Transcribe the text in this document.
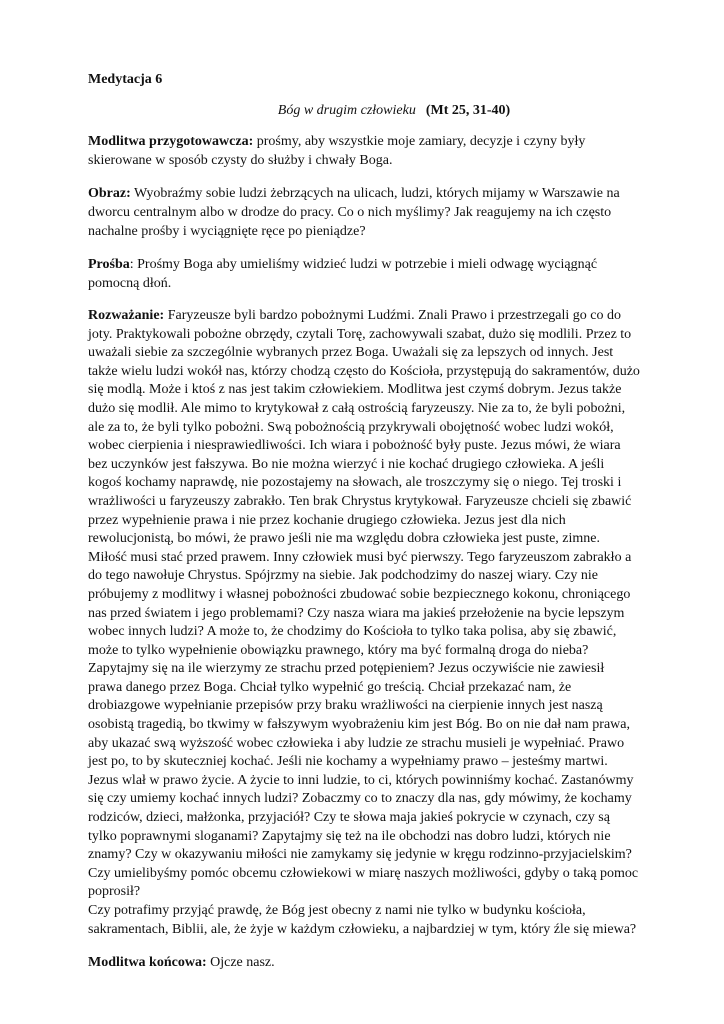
Medytacja 6

Bóg w drugim człowieku (Mt 25, 31-40)

Modlitwa przygotowawcza: prośmy, aby wszystkie moje zamiary, decyzje i czyny były skierowane w sposób czysty do służby i chwały Boga.

Obraz: Wyobraźmy sobie ludzi żebrzących na ulicach, ludzi, których mijamy w Warszawie na dworcu centralnym albo w drodze do pracy. Co o nich myślimy? Jak reagujemy na ich często nachalne prośby i wyciągnięte ręce po pieniądze?

Prośba: Prośmy Boga aby umieliśmy widzieć ludzi w potrzebie i mieli odwagę wyciągnąć pomocną dłoń.

Rozważanie: Faryzeusze byli bardzo pobożnymi Ludźmi. Znali Prawo i przestrzegali go co do joty. Praktykowali pobożne obrzędy, czytali Torę, zachowywali szabat, dużo się modlili. Przez to uważali siebie za szczególnie wybranych przez Boga. Uważali się za lepszych od innych. Jest także wielu ludzi wokół nas, którzy chodzą często do Kościoła, przystępują do sakramentów, dużo się modlą. Może i ktoś z nas jest takim człowiekiem. Modlitwa jest czymś dobrym. Jezus także dużo się modlił. Ale mimo to krytykował z całą ostrością faryzeuszy. Nie za to, że byli pobożni, ale za to, że byli tylko pobożni. Swą pobożnością przykrywali obojętność wobec ludzi wokół, wobec cierpienia i niesprawiedliwości. Ich wiara i pobożność były puste. Jezus mówi, że wiara bez uczynków jest fałszywa. Bo nie można wierzyć i nie kochać drugiego człowieka. A jeśli kogoś kochamy naprawdę, nie pozostajemy na słowach, ale troszczymy się o niego. Tej troski i wrażliwości u faryzeuszy zabrakło. Ten brak Chrystus krytykował. Faryzeusze chcieli się zbawić przez wypełnienie prawa i nie przez kochanie drugiego człowieka. Jezus jest dla nich rewolucjonistą, bo mówi, że prawo jeśli nie ma względu dobra człowieka jest puste, zimne. Miłość musi stać przed prawem. Inny człowiek musi być pierwszy. Tego faryzeuszom zabrakło a do tego nawołuje Chrystus. Spójrzmy na siebie. Jak podchodzimy do naszej wiary. Czy nie próbujemy z modlitwy i własnej pobożności zbudować sobie bezpiecznego kokonu, chroniącego nas przed światem i jego problemami? Czy nasza wiara ma jakieś przełożenie na bycie lepszym wobec innych ludzi? A może to, że chodzimy do Kościoła to tylko taka polisa, aby się zbawić, może to tylko wypełnienie obowiązku prawnego, który ma być formalną droga do nieba? Zapytajmy się na ile wierzymy ze strachu przed potępieniem? Jezus oczywiście nie zawiesił prawa danego przez Boga. Chciał tylko wypełnić go treścią. Chciał przekazać nam, że drobiazgowe wypełnianie przepisów przy braku wrażliwości na cierpienie innych jest naszą osobistą tragedią, bo tkwimy w fałszywym wyobrażeniu kim jest Bóg. Bo on nie dał nam prawa, aby ukazać swą wyższość wobec człowieka i aby ludzie ze strachu musieli je wypełniać. Prawo jest po, to by skuteczniej kochać. Jeśli nie kochamy a wypełniamy prawo – jesteśmy martwi. Jezus wlał w prawo życie. A życie to inni ludzie, to ci, których powinniśmy kochać. Zastanówmy się czy umiemy kochać innych ludzi? Zobaczmy co to znaczy dla nas, gdy mówimy, że kochamy rodziców, dzieci, małżonka, przyjaciół? Czy te słowa maja jakieś pokrycie w czynach, czy są tylko poprawnymi sloganami? Zapytajmy się też na ile obchodzi nas dobro ludzi, których nie znamy? Czy w okazywaniu miłości nie zamykamy się jedynie w kręgu rodzinno-przyjacielskim? Czy umielibyśmy pomóc obcemu człowiekowi w miarę naszych możliwości, gdyby o taką pomoc poprosił?

Czy potrafimy przyjąć prawdę, że Bóg jest obecny z nami nie tylko w budynku kościoła, sakramentach, Biblii, ale, że żyje w każdym człowieku, a najbardziej w tym, który źle się miewa?

Modlitwa końcowa: Ojcze nasz.
